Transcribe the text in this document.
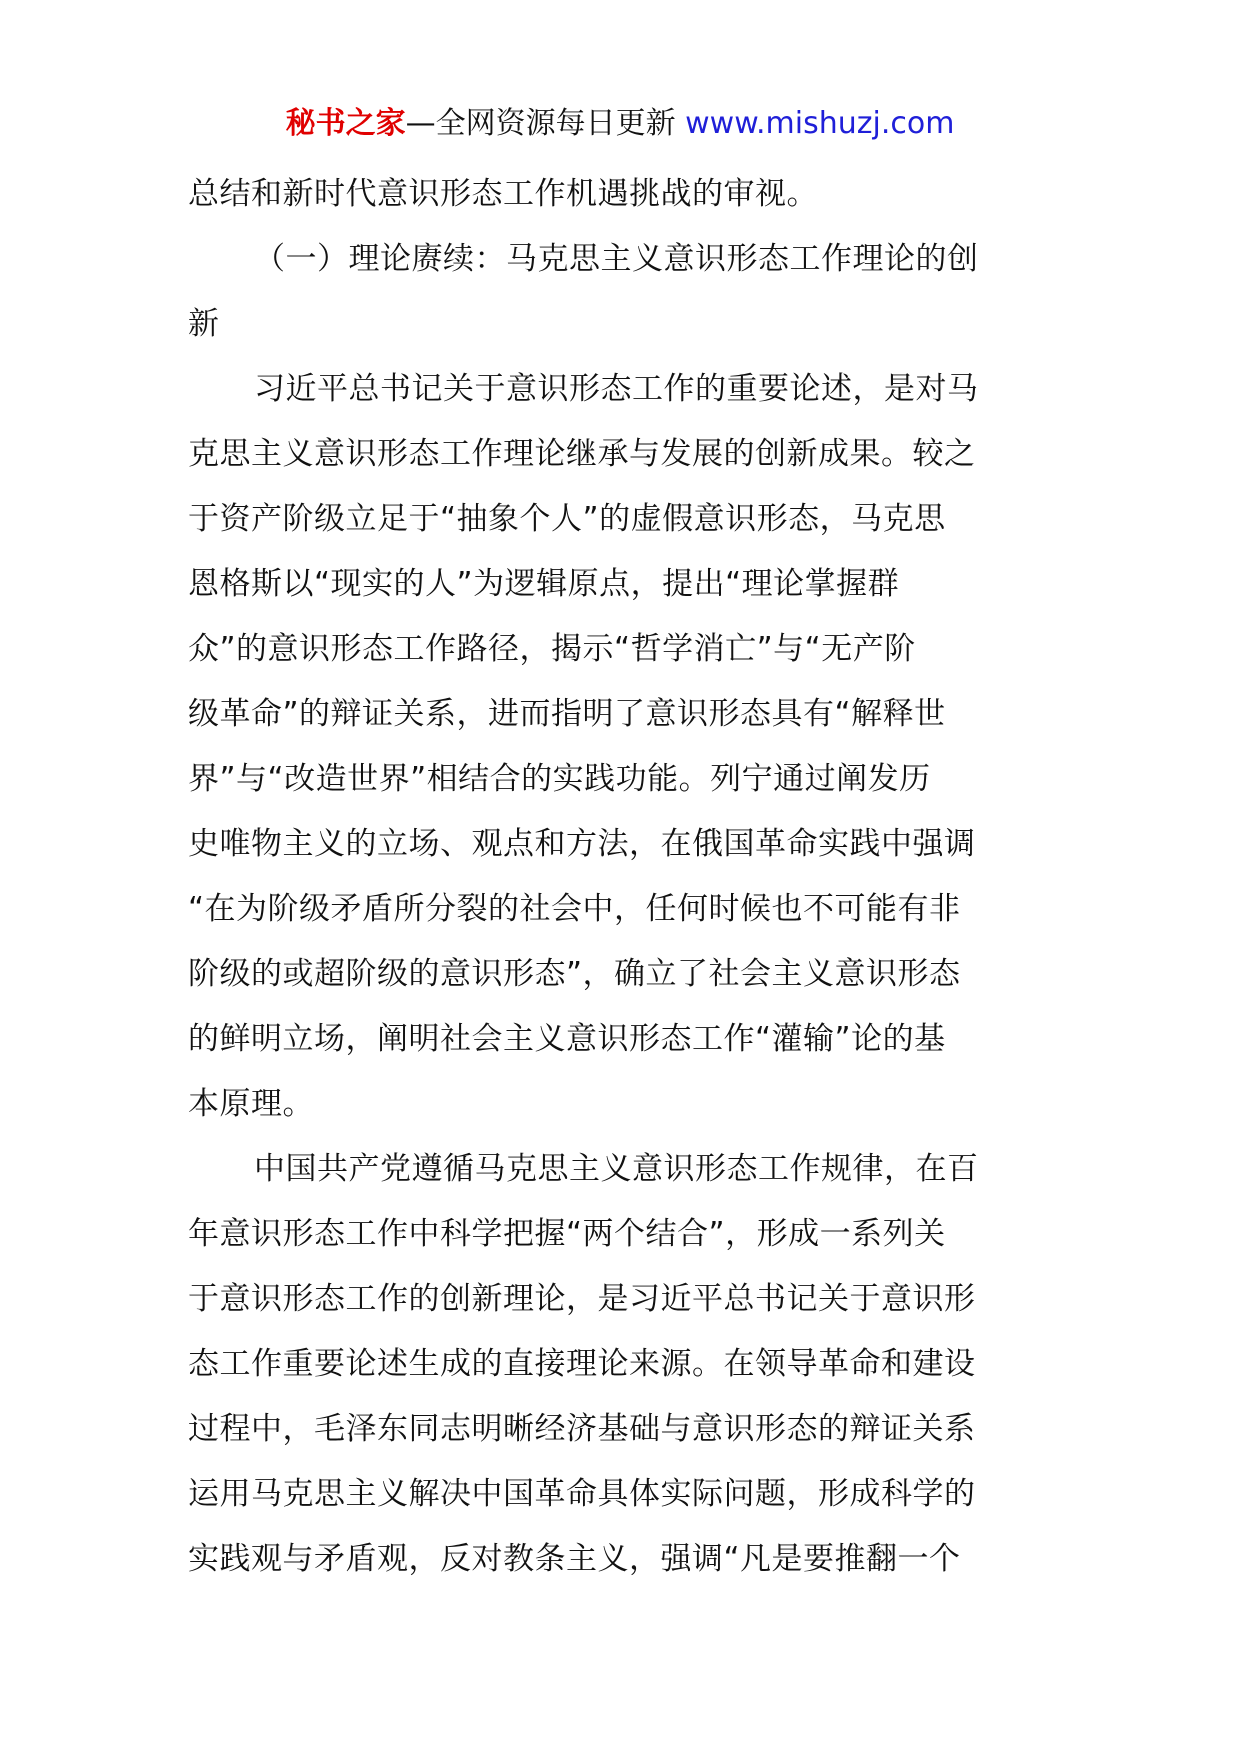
秘书之家—全网资源每日更新 www.mishuzj.com
总结和新时代意识形态工作机遇挑战的审视。
（一）理论赓续：马克思主义意识形态工作理论的创
新
习近平总书记关于意识形态工作的重要论述，是对马
克思主义意识形态工作理论继承与发展的创新成果。较之
于资产阶级立足于“抽象个人”的虚假意识形态，马克思
恩格斯以“现实的人”为逻辑原点，提出“理论掌握群
众”的意识形态工作路径，揭示“哲学消亡”与“无产阶
级革命”的辩证关系，进而指明了意识形态具有“解释世
界”与“改造世界”相结合的实践功能。列宁通过阐发历
史唯物主义的立场、观点和方法，在俄国革命实践中强调
“在为阶级矛盾所分裂的社会中，任何时候也不可能有非
阶级的或超阶级的意识形态”，确立了社会主义意识形态
的鲜明立场，阐明社会主义意识形态工作“灌输”论的基
本原理。
中国共产党遵循马克思主义意识形态工作规律，在百
年意识形态工作中科学把握“两个结合”，形成一系列关
于意识形态工作的创新理论，是习近平总书记关于意识形
态工作重要论述生成的直接理论来源。在领导革命和建设
过程中，毛泽东同志明晰经济基础与意识形态的辩证关系
运用马克思主义解决中国革命具体实际问题，形成科学的
实践观与矛盾观，反对教条主义，强调“凡是要推翻一个
